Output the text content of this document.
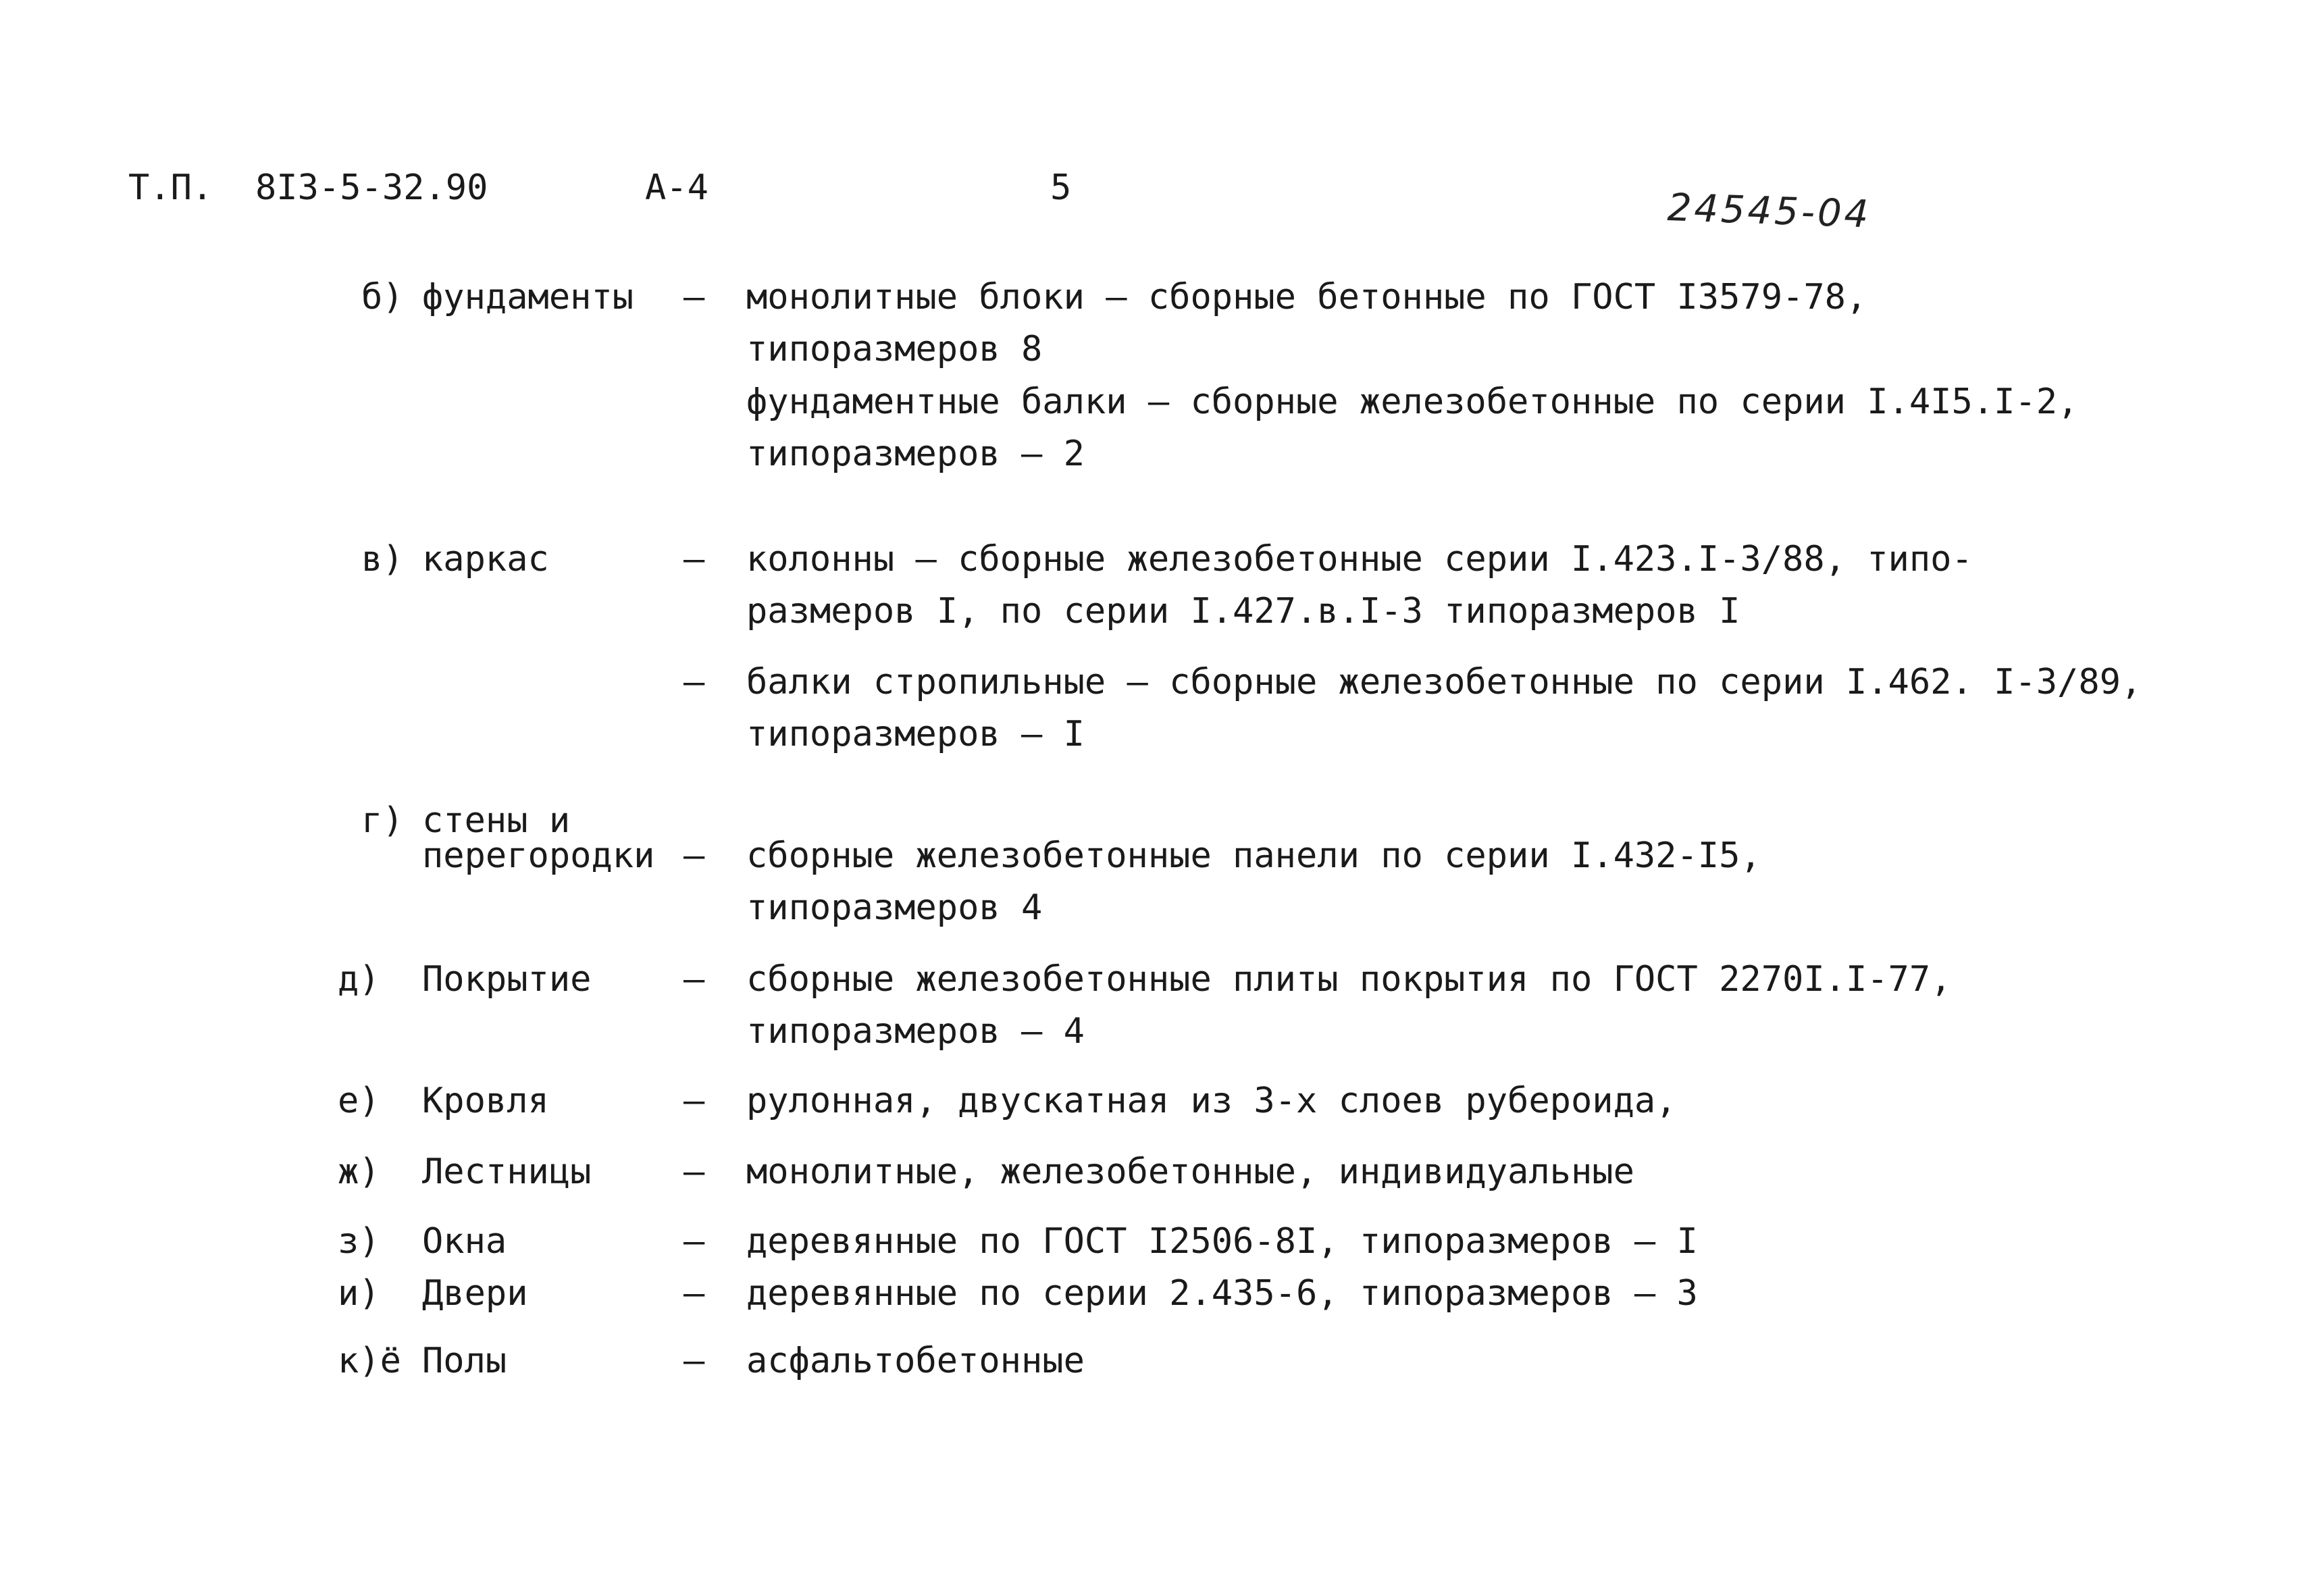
Т.П. 8I3-5-32.90	А-4	5	24545-04
б) фундаменты – монолитные блоки – сборные бетонные по ГОСТ I3579-78,
типоразмеров 8
фундаментные балки – сборные железобетонные по серии I.4I5.I-2,
типоразмеров – 2
в) каркас	– колонны – сборные железобетонные серии I.423.I-3/88, типо-
размеров I, по серии I.427.в.I-3 типоразмеров I
– балки стропильные – сборные железобетонные по серии I.462. I-3/89,
типоразмеров – I
г) стены и
перегородки – сборные железобетонные панели по серии I.432-I5,
типоразмеров 4
д) Покрытие	– сборные железобетонные плиты покрытия по ГОСТ 2270I.I-77,
типоразмеров – 4
е) Кровля	– рулонная, двускатная из 3-х слоев рубероида,
ж) Лестницы	– монолитные, железобетонные, индивидуальные
з) Окна	– деревянные по ГОСТ I2506-8I, типоразмеров – I
и) Двери	– деревянные по серии 2.435-6, типоразмеров – 3
к)ё Полы	– асфальтобетонные
